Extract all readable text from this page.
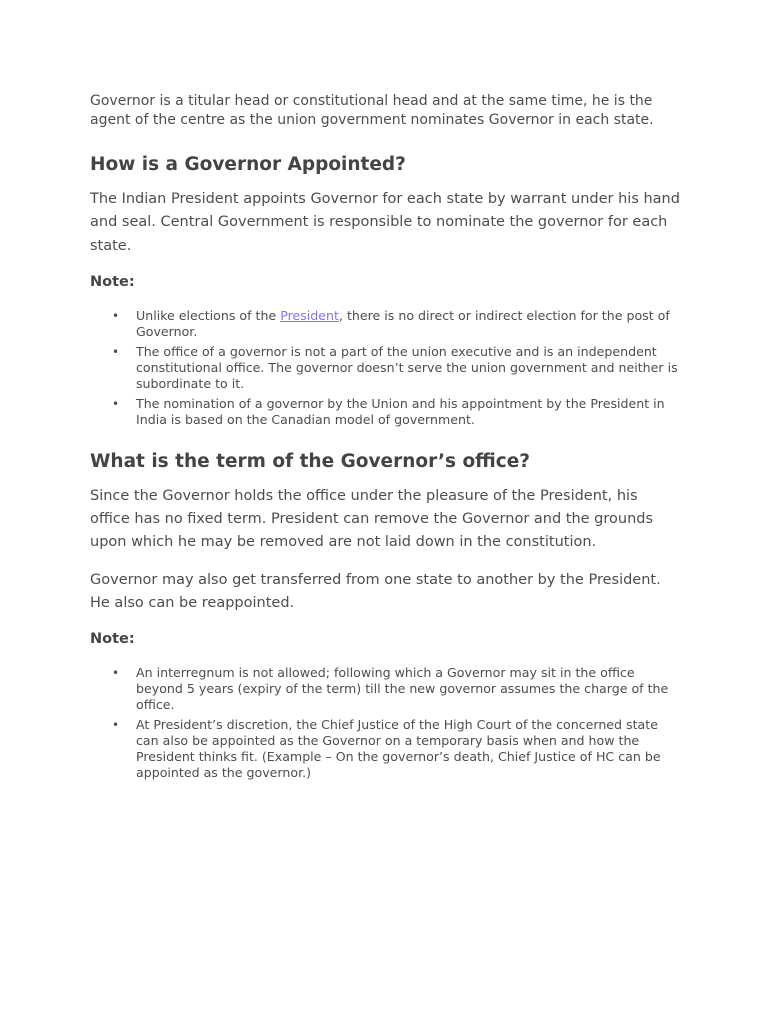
Governor is a titular head or constitutional head and at the same time, he is the agent of the centre as the union government nominates Governor in each state.

How is a Governor Appointed?

The Indian President appoints Governor for each state by warrant under his hand and seal. Central Government is responsible to nominate the governor for each state.

Note:
• Unlike elections of the President, there is no direct or indirect election for the post of Governor.
• The office of a governor is not a part of the union executive and is an independent constitutional office. The governor doesn’t serve the union government and neither is subordinate to it.
• The nomination of a governor by the Union and his appointment by the President in India is based on the Canadian model of government.
What is the term of the Governor’s office?

Since the Governor holds the office under the pleasure of the President, his office has no fixed term. President can remove the Governor and the grounds upon which he may be removed are not laid down in the constitution.

Governor may also get transferred from one state to another by the President. He also can be reappointed.

Note:
• An interregnum is not allowed; following which a Governor may sit in the office beyond 5 years (expiry of the term) till the new governor assumes the charge of the office.
• At President’s discretion, the Chief Justice of the High Court of the concerned state can also be appointed as the Governor on a temporary basis when and how the President thinks fit. (Example – On the governor’s death, Chief Justice of HC can be appointed as the governor.)
